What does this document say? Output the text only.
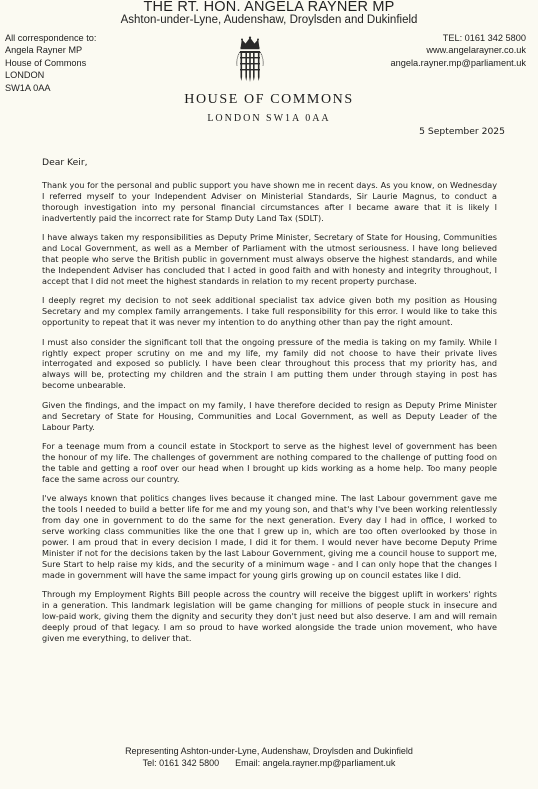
THE RT. HON. ANGELA RAYNER MP
Ashton-under-Lyne, Audenshaw, Droylsden and Dukinfield
All correspondence to:
Angela Rayner MP
House of Commons
LONDON
SW1A 0AA
TEL: 0161 342 5800
www.angelarayner.co.uk
angela.rayner.mp@parliament.uk
HOUSE OF COMMONS
LONDON SW1A 0AA
5 September 2025
Dear Keir,

Thank you for the personal and public support you have shown me in recent days. As you know, on Wednesday I referred myself to your Independent Adviser on Ministerial Standards, Sir Laurie Magnus, to conduct a thorough investigation into my personal financial circumstances after I became aware that it is likely I inadvertently paid the incorrect rate for Stamp Duty Land Tax (SDLT).

I have always taken my responsibilities as Deputy Prime Minister, Secretary of State for Housing, Communities and Local Government, as well as a Member of Parliament with the utmost seriousness. I have long believed that people who serve the British public in government must always observe the highest standards, and while the Independent Adviser has concluded that I acted in good faith and with honesty and integrity throughout, I accept that I did not meet the highest standards in relation to my recent property purchase.

I deeply regret my decision to not seek additional specialist tax advice given both my position as Housing Secretary and my complex family arrangements. I take full responsibility for this error. I would like to take this opportunity to repeat that it was never my intention to do anything other than pay the right amount.

I must also consider the significant toll that the ongoing pressure of the media is taking on my family. While I rightly expect proper scrutiny on me and my life, my family did not choose to have their private lives interrogated and exposed so publicly. I have been clear throughout this process that my priority has, and always will be, protecting my children and the strain I am putting them under through staying in post has become unbearable.

Given the findings, and the impact on my family, I have therefore decided to resign as Deputy Prime Minister and Secretary of State for Housing, Communities and Local Government, as well as Deputy Leader of the Labour Party.

For a teenage mum from a council estate in Stockport to serve as the highest level of government has been the honour of my life. The challenges of government are nothing compared to the challenge of putting food on the table and getting a roof over our head when I brought up kids working as a home help. Too many people face the same across our country.

I've always known that politics changes lives because it changed mine. The last Labour government gave me the tools I needed to build a better life for me and my young son, and that's why I've been working relentlessly from day one in government to do the same for the next generation. Every day I had in office, I worked to serve working class communities like the one that I grew up in, which are too often overlooked by those in power. I am proud that in every decision I made, I did it for them. I would never have become Deputy Prime Minister if not for the decisions taken by the last Labour Government, giving me a council house to support me, Sure Start to help raise my kids, and the security of a minimum wage - and I can only hope that the changes I made in government will have the same impact for young girls growing up on council estates like I did.

Through my Employment Rights Bill people across the country will receive the biggest uplift in workers' rights in a generation. This landmark legislation will be game changing for millions of people stuck in insecure and low-paid work, giving them the dignity and security they don't just need but also deserve. I am and will remain deeply proud of that legacy. I am so proud to have worked alongside the trade union movement, who have given me everything, to deliver that.

Representing Ashton-under-Lyne, Audenshaw, Droylsden and Dukinfield
Tel: 0161 342 5800 Email: angela.rayner.mp@parliament.uk
